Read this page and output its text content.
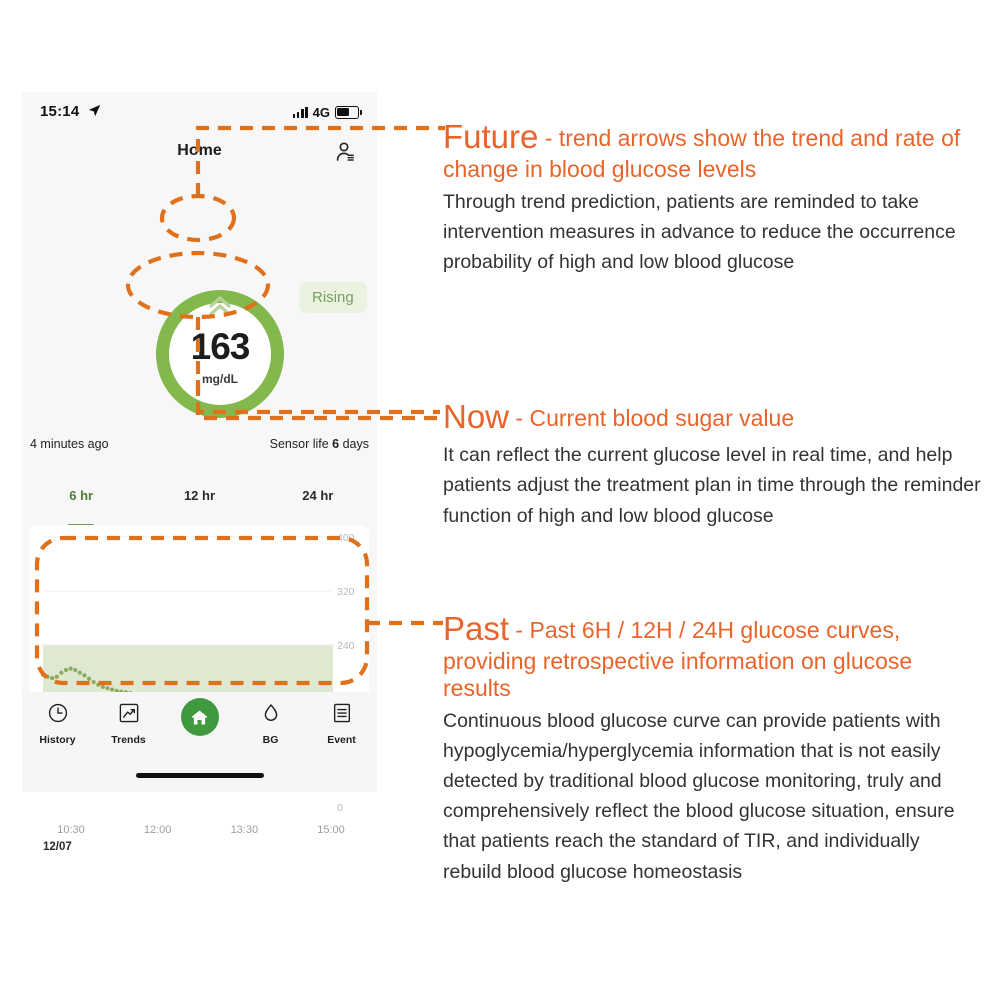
15:14	4G
Home
163
mg/dL
Rising
4 minutes ago	Sensor life 6 days
6 hr	12 hr	24 hr
400
320
240
0
10:30	12:00	13:30	15:00
12/07
History	Trends	BG	Event

Future - trend arrows show the trend and rate of change in blood glucose levels

Through trend prediction, patients are reminded to take intervention measures in advance to reduce the occurrence probability of high and low blood glucose

Now - Current blood sugar value

It can reflect the current glucose level in real time, and help patients adjust the treatment plan in time through the reminder function of high and low blood glucose

Past - Past 6H / 12H / 24H glucose curves, providing retrospective information on glucose results

Continuous blood glucose curve can provide patients with hypoglycemia/hyperglycemia information that is not easily detected by traditional blood glucose monitoring, truly and comprehensively reflect the blood glucose situation, ensure that patients reach the standard of TIR, and individually rebuild blood glucose homeostasis
